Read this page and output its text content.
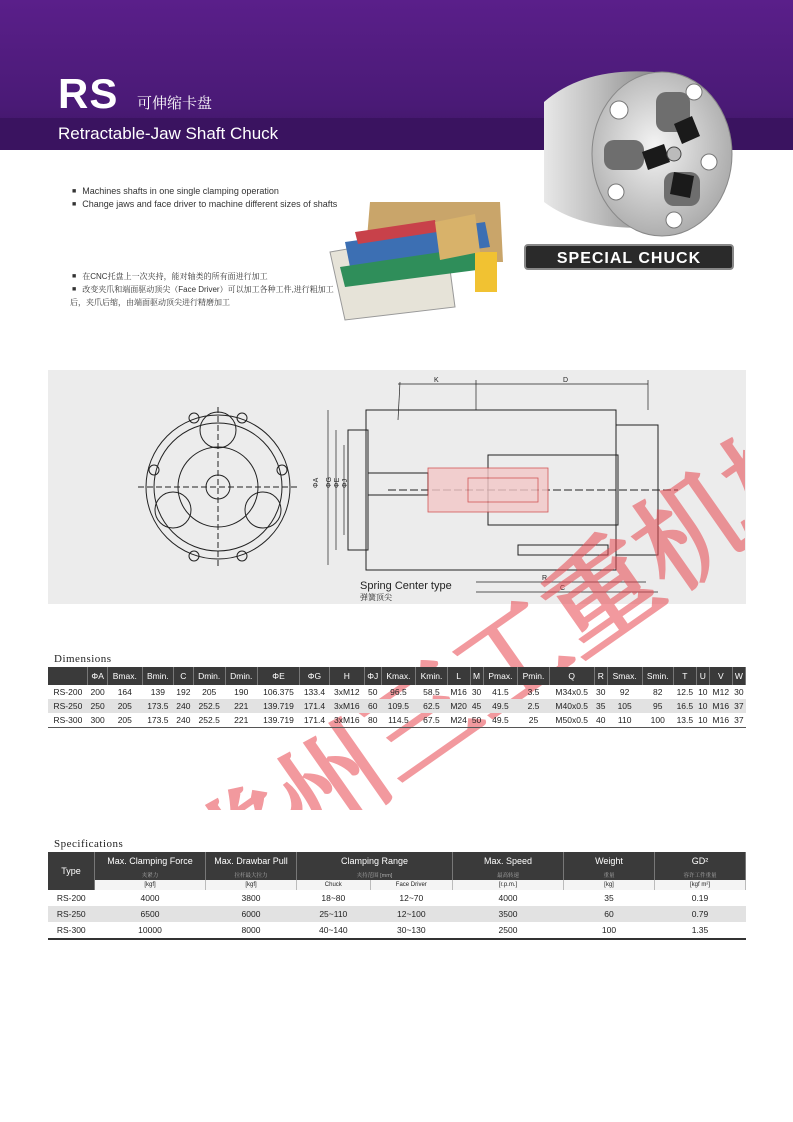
RS 可伸缩卡盘
Retractable-Jaw Shaft Chuck
SPECIAL CHUCK
■ Machines shafts in one single clamping operation
■ Change jaws and face driver to machine different sizes of shafts
■ 在CNC托盘上一次夹持，能对轴类的所有面进行加工
■ 改变夹爪和端面驱动顶尖（Face Driver）可以加工各种工件,进行粗加工
后，夹爪后缩，由端面驱动顶尖进行精磨加工
K	D
R
C
ΦA ΦG ΦE ΦJ
Spring Center type
弹簧顶尖
Dimensions
	ΦA	Bmax.	Bmin.	C	Dmin.	Dmin.	ΦE	ΦG	H	ΦJ	Kmax.	Kmin.	L	M	Pmax.	Pmin.	Q	R	Smax.	Smin.	T	U	V	W
RS-200	200	164	139	192	205	190	106.375	133.4	3xM12	50	96.5	58.5	M16	30	41.5	3.5	M34x0.5	30	92	82	12.5	10	M12	30
RS-250	250	205	173.5	240	252.5	221	139.719	171.4	3xM16	60	109.5	62.5	M20	45	49.5	2.5	M40x0.5	35	105	95	16.5	10	M16	37
RS-300	300	205	173.5	240	252.5	221	139.719	171.4	3xM16	80	114.5	67.5	M24	50	49.5	25	M50x0.5	40	110	100	13.5	10	M16	37
Specifications
Type	Max. Clamping Force	Max. Drawbar Pull	Clamping Range		Max. Speed	Weight	GD²
	夹紧力	拉杆最大拉力	夹持范围 [mm]		最高转速	重量	容许工件重量
	[kgf]	[kgf]	Chuck	Face Driver	[r.p.m.]	[kg]	[kgf m²]
RS-200	4000	3800	18~80	12~70	4000	35	0.19
RS-250	6500	6000	25~110	12~100	3500	60	0.79
RS-300	10000	8000	40~140	30~130	2500	100	1.35
